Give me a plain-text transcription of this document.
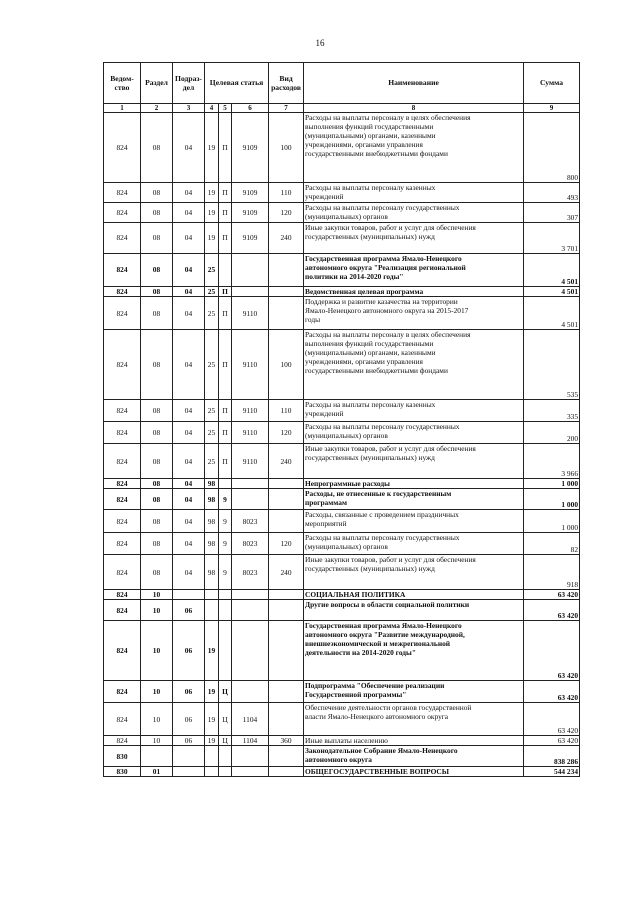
16
Ведом-
ство	Раздел	Подраз-
дел	Целевая статья			Вид
расходов	Наименование	Сумма
1	2	3	4	5	6	7	8	9
824	08	04	19	П	9109	100	Расходы на выплаты персоналу в целях обеспечения
выполнения функций государственными
(муниципальными) органами, казенными
учреждениями, органами управления
государственными внебюджетными фондами	800
824	08	04	19	П	9109	110	Расходы на выплаты персоналу казенных
учреждений	493
824	08	04	19	П	9109	120	Расходы на выплаты персоналу государственных
(муниципальных) органов	307
824	08	04	19	П	9109	240	Иные закупки товаров, работ и услуг для обеспечения
государственных (муниципальных) нужд	3 701
824	08	04	25				Государственная программа Ямало-Ненецкого
автономного округа "Реализация региональной
политики на 2014-2020 годы"	4 501
824	08	04	25	П			Ведомственная целевая программа	4 501
824	08	04	25	П	9110		Поддержка и развитие казачества на территории
Ямало-Ненецкого автономного округа на 2015-2017
годы	4 501
824	08	04	25	П	9110	100	Расходы на выплаты персоналу в целях обеспечения
выполнения функций государственными
(муниципальными) органами, казенными
учреждениями, органами управления
государственными внебюджетными фондами	535
824	08	04	25	П	9110	110	Расходы на выплаты персоналу казенных
учреждений	335
824	08	04	25	П	9110	120	Расходы на выплаты персоналу государственных
(муниципальных) органов	200
824	08	04	25	П	9110	240	Иные закупки товаров, работ и услуг для обеспечения
государственных (муниципальных) нужд	3 966
824	08	04	98				Непрограммные расходы	1 000
824	08	04	98	9			Расходы, не отнесенные к государственным
программам	1 000
824	08	04	98	9	8023		Расходы, связанные с проведением праздничных
мероприятий	1 000
824	08	04	98	9	8023	120	Расходы на выплаты персоналу государственных
(муниципальных) органов	82
824	08	04	98	9	8023	240	Иные закупки товаров, работ и услуг для обеспечения
государственных (муниципальных) нужд	918
824	10						СОЦИАЛЬНАЯ ПОЛИТИКА	63 420
824	10	06					Другие вопросы в области социальной политики	63 420
824	10	06	19				Государственная программа Ямало-Ненецкого
автономного округа "Развитие международной,
внешнеэкономической и межрегиональной
деятельности на 2014-2020 годы"	63 420
824	10	06	19	Ц			Подпрограмма "Обеспечение реализации
Государственной программы"	63 420
824	10	06	19	Ц	1104		Обеспечение деятельности органов государственной
власти Ямало-Ненецкого автономного округа	63 420
824	10	06	19	Ц	1104	360	Иные выплаты населению	63 420
830							Законодательное Собрание Ямало-Ненецкого
автономного округа	838 286
830	01						ОБЩЕГОСУДАРСТВЕННЫЕ ВОПРОСЫ	544 234
